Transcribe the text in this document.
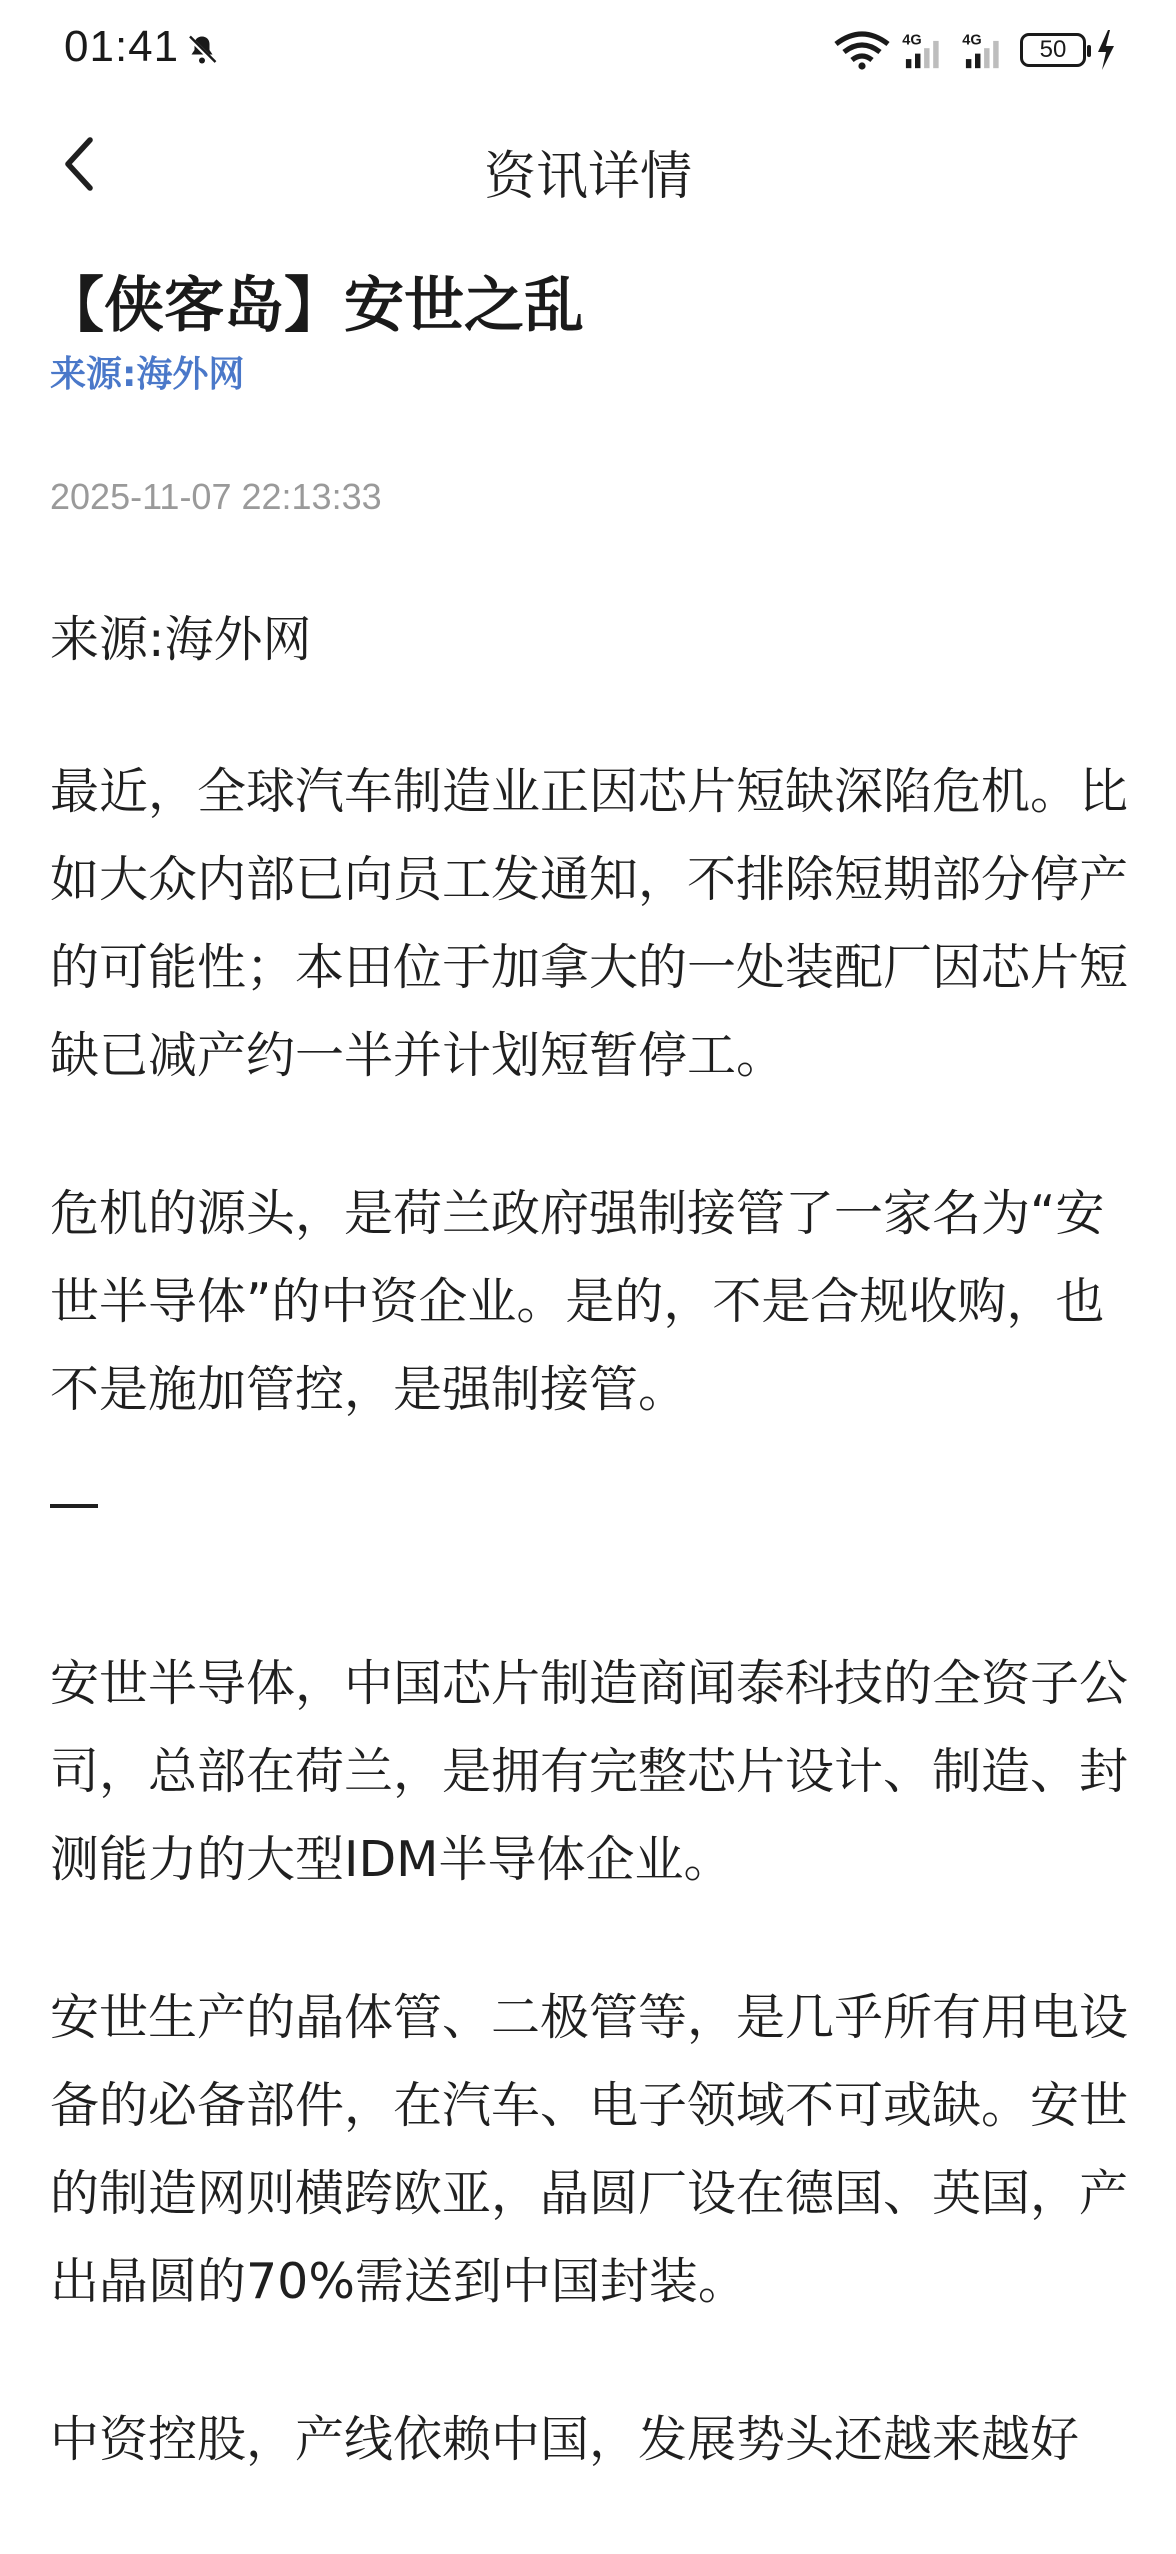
01:41	4G	4G 50
资讯详情
【侠客岛】安世之乱
来源:海外网
2025-11-07 22:13:33

来源:海外网

最近，全球汽车制造业正因芯片短缺深陷危机。比如大众内部已向员工发通知，不排除短期部分停产的可能性；本田位于加拿大的一处装配厂因芯片短缺已减产约一半并计划短暂停工。

危机的源头，是荷兰政府强制接管了一家名为“安世半导体”的中资企业。是的，不是合规收购，也不是施加管控，是强制接管。

安世半导体，中国芯片制造商闻泰科技的全资子公司，总部在荷兰，是拥有完整芯片设计、制造、封测能力的大型IDM半导体企业。

安世生产的晶体管、二极管等，是几乎所有用电设备的必备部件，在汽车、电子领域不可或缺。安世的制造网则横跨欧亚，晶圆厂设在德国、英国，产出晶圆的70%需送到中国封装。

中资控股，产线依赖中国，发展势头还越来越好
